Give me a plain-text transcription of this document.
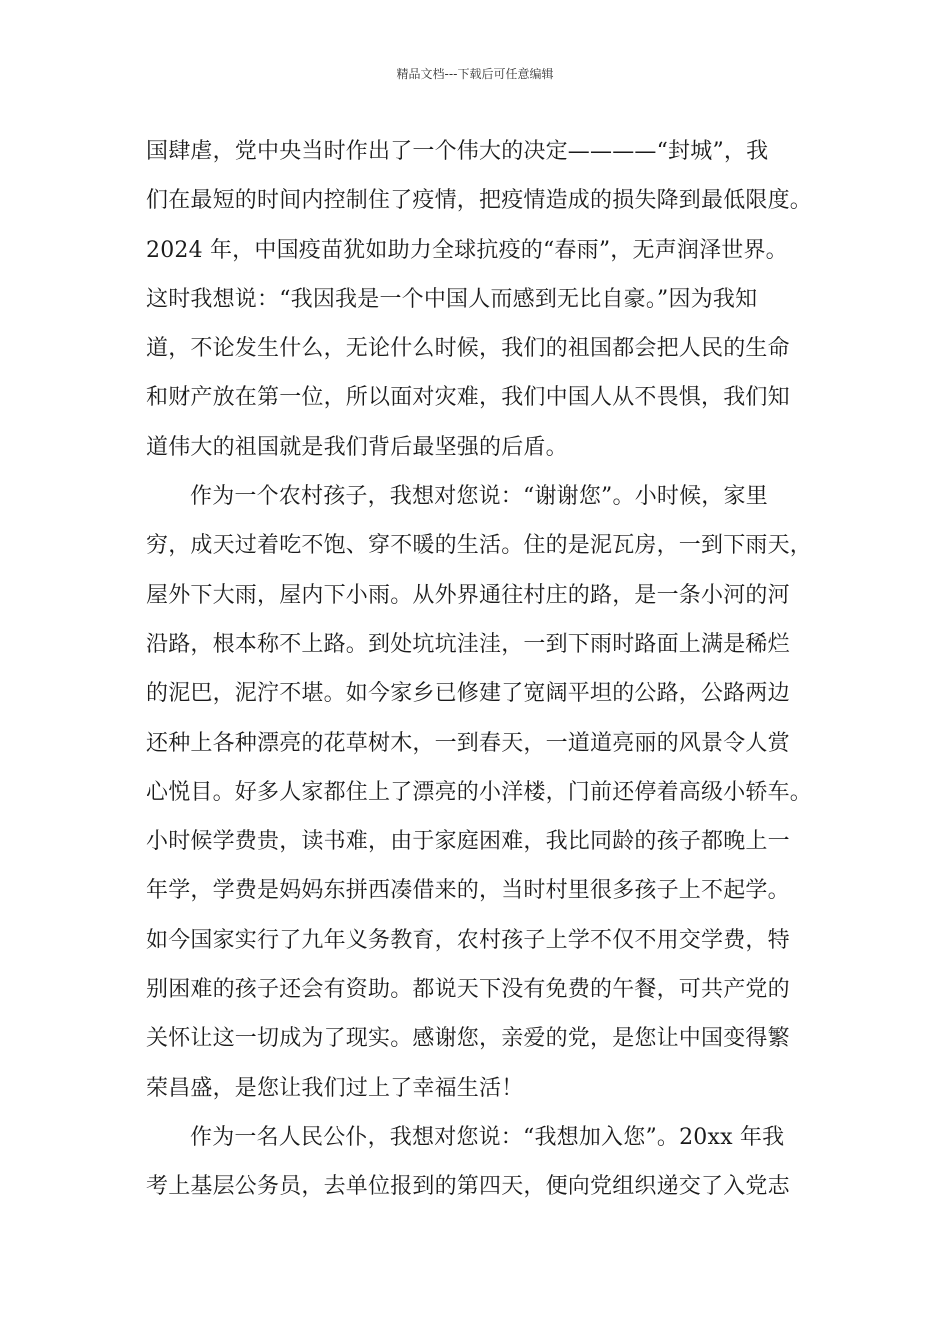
精品文档---下载后可任意编辑
国肆虐，党中央当时作出了一个伟大的决定————“封城”，我
们在最短的时间内控制住了疫情，把疫情造成的损失降到最低限度。
2024 年，中国疫苗犹如助力全球抗疫的“春雨”，无声润泽世界。
这时我想说：“我因我是一个中国人而感到无比自豪。”因为我知
道，不论发生什么，无论什么时候，我们的祖国都会把人民的生命
和财产放在第一位，所以面对灾难，我们中国人从不畏惧，我们知
道伟大的祖国就是我们背后最坚强的后盾。
作为一个农村孩子，我想对您说：“谢谢您”。小时候，家里
穷，成天过着吃不饱、穿不暖的生活。住的是泥瓦房，一到下雨天，
屋外下大雨，屋内下小雨。从外界通往村庄的路，是一条小河的河
沿路，根本称不上路。到处坑坑洼洼，一到下雨时路面上满是稀烂
的泥巴，泥泞不堪。如今家乡已修建了宽阔平坦的公路，公路两边
还种上各种漂亮的花草树木，一到春天，一道道亮丽的风景令人赏
心悦目。好多人家都住上了漂亮的小洋楼，门前还停着高级小轿车。
小时候学费贵，读书难，由于家庭困难，我比同龄的孩子都晚上一
年学，学费是妈妈东拼西凑借来的，当时村里很多孩子上不起学。
如今国家实行了九年义务教育，农村孩子上学不仅不用交学费，特
别困难的孩子还会有资助。都说天下没有免费的午餐，可共产党的
关怀让这一切成为了现实。感谢您，亲爱的党，是您让中国变得繁
荣昌盛，是您让我们过上了幸福生活！
作为一名人民公仆，我想对您说：“我想加入您”。20xx 年我
考上基层公务员，去单位报到的第四天，便向党组织递交了入党志
